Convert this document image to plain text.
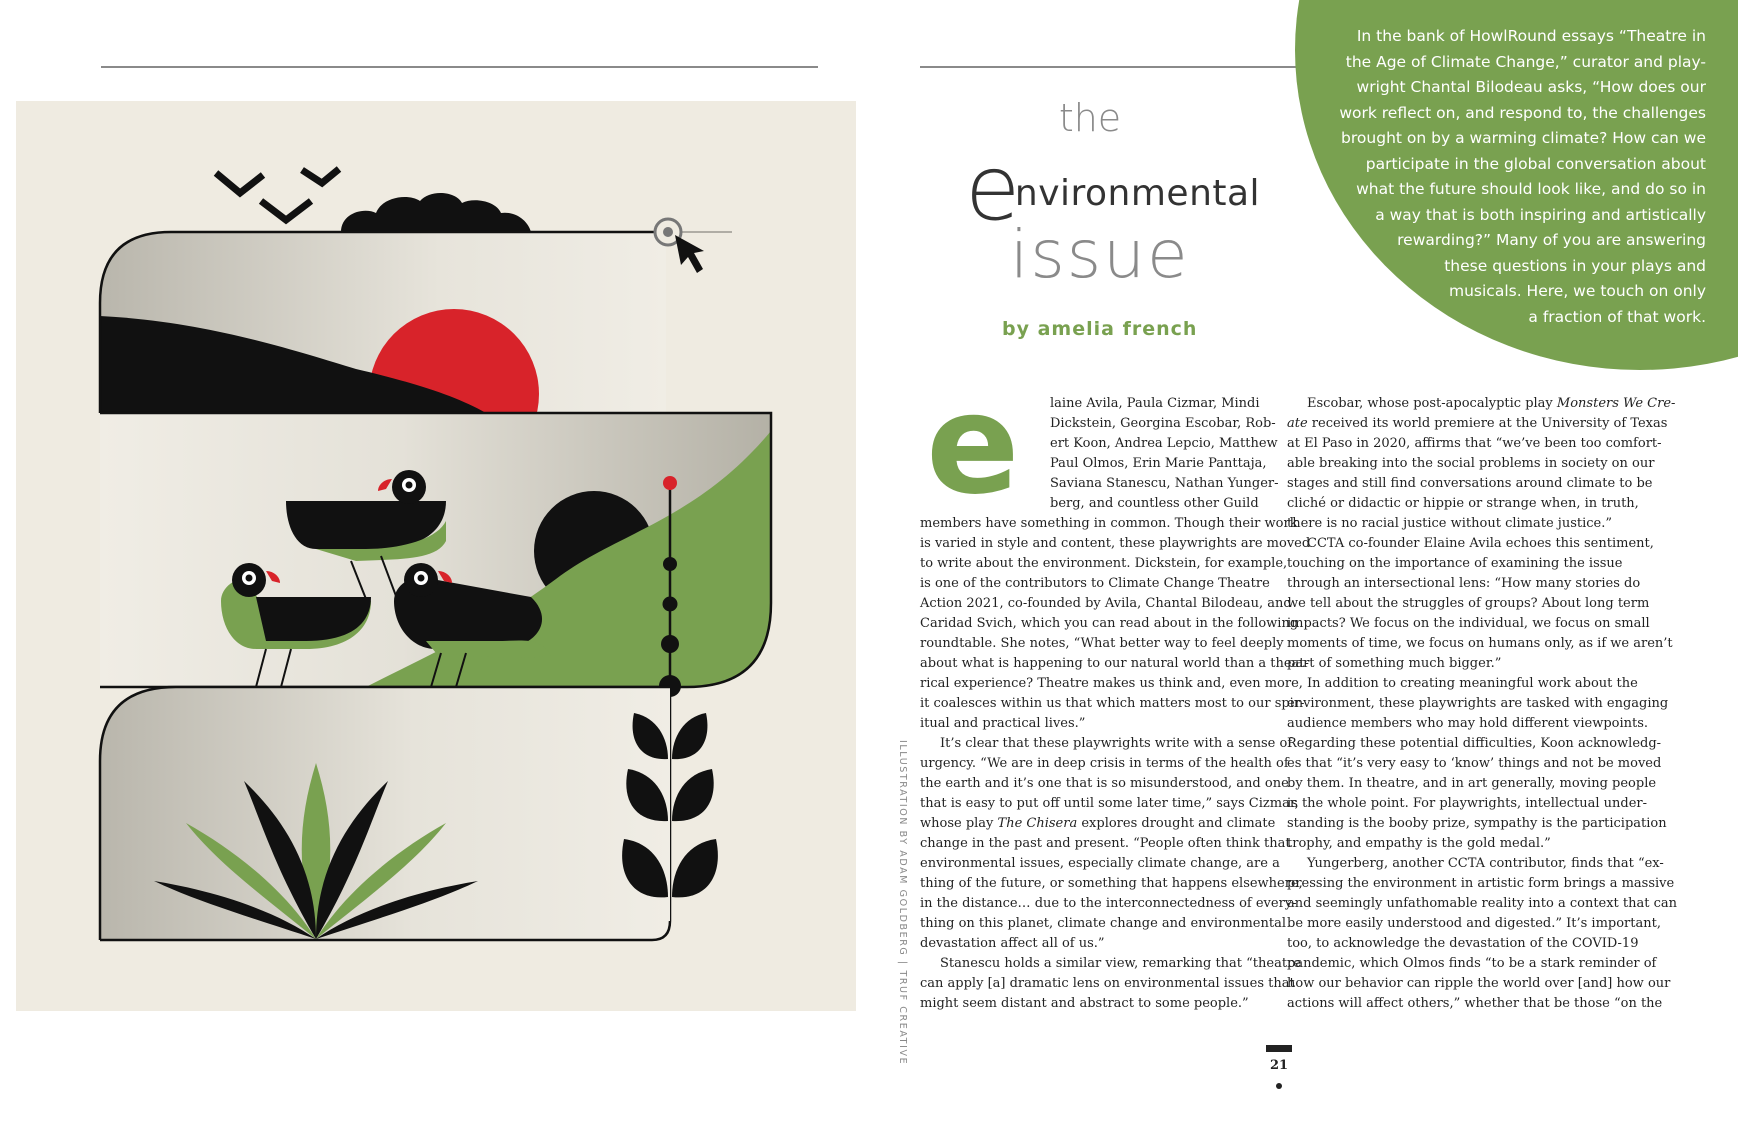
ILLUSTRATION BY ADAM GOLDBERG | TRUF CREATIVE
In the bank of HowlRound essays “Theatre in
the Age of Climate Change,” curator and play-
wright Chantal Bilodeau asks, “How does our
work reflect on, and respond to, the challenges
brought on by a warming climate? How can we
participate in the global conversation about
what the future should look like, and do so in
a way that is both inspiring and artistically
rewarding?” Many of you are answering
these questions in your plays and
musicals. Here, we touch on only
a fraction of that work.
the
environmental
issue
by amelia french
e laine Avila, Paula Cizmar, Mindi
Dickstein, Georgina Escobar, Rob-
ert Koon, Andrea Lepcio, Matthew
Paul Olmos, Erin Marie Panttaja,
Saviana Stanescu, Nathan Yunger-
berg, and countless other Guild
members have something in common. Though their work
is varied in style and content, these playwrights are moved
to write about the environment. Dickstein, for example,
is one of the contributors to Climate Change Theatre
Action 2021, co-founded by Avila, Chantal Bilodeau, and
Caridad Svich, which you can read about in the following
roundtable. She notes, “What better way to feel deeply
about what is happening to our natural world than a theat-
rical experience? Theatre makes us think and, even more,
it coalesces within us that which matters most to our spir-
itual and practical lives.”
It’s clear that these playwrights write with a sense of
urgency. “We are in deep crisis in terms of the health of
the earth and it’s one that is so misunderstood, and one
that is easy to put off until some later time,” says Cizmar,
whose play The Chisera explores drought and climate
change in the past and present. “People often think that
environmental issues, especially climate change, are a
thing of the future, or something that happens elsewhere,
in the distance… due to the interconnectedness of every-
thing on this planet, climate change and environmental
devastation affect all of us.”
Stanescu holds a similar view, remarking that “theatre
can apply [a] dramatic lens on environmental issues that
might seem distant and abstract to some people.”
Escobar, whose post-apocalyptic play Monsters We Cre-
ate received its world premiere at the University of Texas
at El Paso in 2020, affirms that “we’ve been too comfort-
able breaking into the social problems in society on our
stages and still find conversations around climate to be
cliché or didactic or hippie or strange when, in truth,
there is no racial justice without climate justice.”
CCTA co-founder Elaine Avila echoes this sentiment,
touching on the importance of examining the issue
through an intersectional lens: “How many stories do
we tell about the struggles of groups? About long term
impacts? We focus on the individual, we focus on small
moments of time, we focus on humans only, as if we aren’t
part of something much bigger.”
In addition to creating meaningful work about the
environment, these playwrights are tasked with engaging
audience members who may hold different viewpoints.
Regarding these potential difficulties, Koon acknowledg-
es that “it’s very easy to ‘know’ things and not be moved
by them. In theatre, and in art generally, moving people
is the whole point. For playwrights, intellectual under-
standing is the booby prize, sympathy is the participation
trophy, and empathy is the gold medal.”
Yungerberg, another CCTA contributor, finds that “ex-
pressing the environment in artistic form brings a massive
and seemingly unfathomable reality into a context that can
be more easily understood and digested.” It’s important,
too, to acknowledge the devastation of the COVID-19
pandemic, which Olmos finds “to be a stark reminder of
how our behavior can ripple the world over [and] how our
actions will affect others,” whether that be those “on the
21
